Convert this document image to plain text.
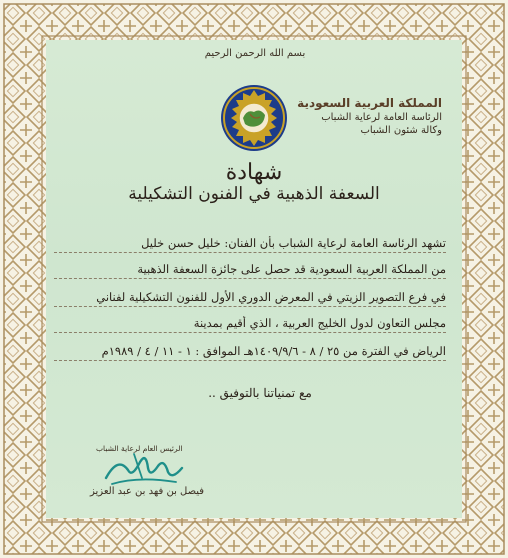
بسم الله الرحمن الرحيم
المملكة العربية السعودية
الرئاسة العامة لرعاية الشباب
وكالة شئون الشباب
شهادة
السعفة الذهبية في الفنون التشكيلية
تشهد الرئاسة العامة لرعاية الشباب بأن الفنان: خليل حسن خليل
من المملكة العربية السعودية قد حصل على جائزة السعفة الذهبية
في فرع التصوير الزيتي في المعرض الدوري الأول للفنون التشكيلية لفناني
مجلس التعاون لدول الخليج العربية ، الذي أقيم بمدينة
الرياض في الفترة من ٢٥ / ٨ - ١٤٠٩/٩/٦هـ الموافق : ١ - ١١ / ٤ / ١٩٨٩م
مع تمنياتنا بالتوفيق ..
الرئيس العام لرعاية الشباب
فيصل بن فهد بن عبد العزيز
